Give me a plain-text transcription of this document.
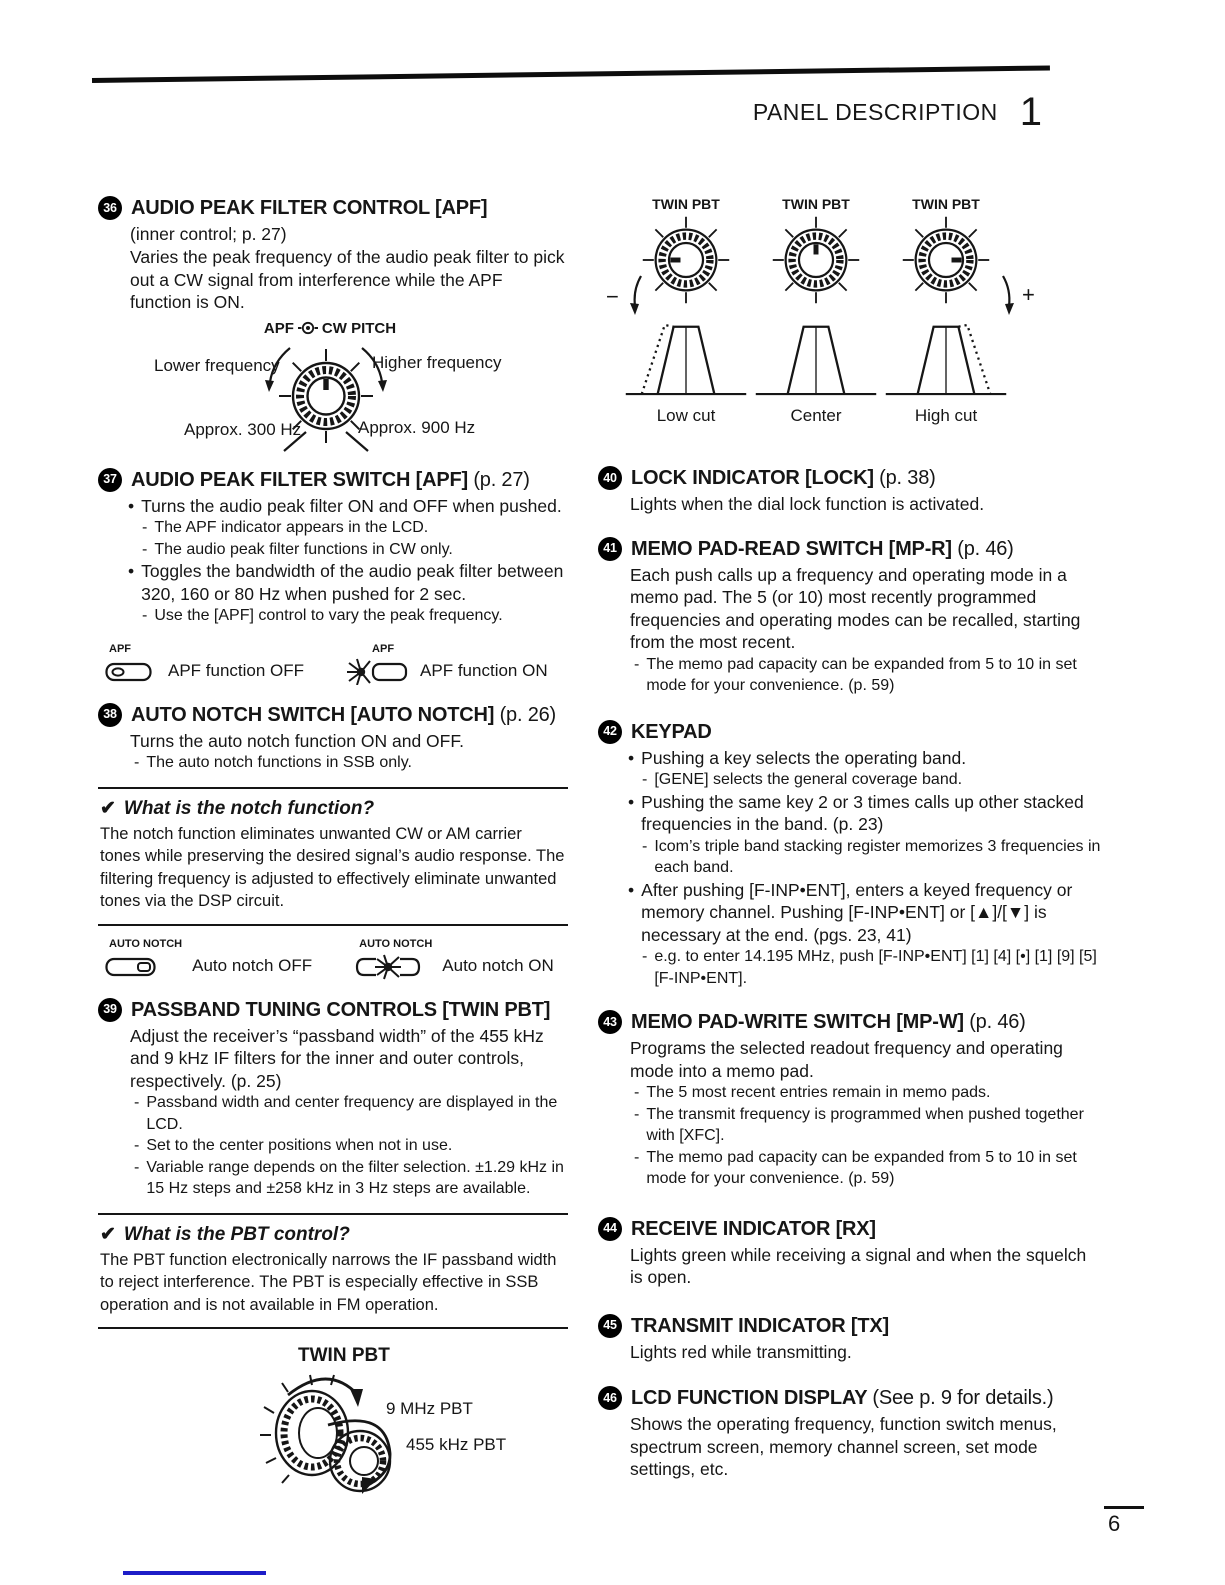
PANEL DESCRIPTION 1
36 AUDIO PEAK FILTER CONTROL [APF]
(inner control; p. 27)
Varies the peak frequency of the audio peak filter to pick out a CW signal from interference while the APF function is ON.
APF CW PITCH
Lower frequency	Higher frequency
Approx. 300 Hz	Approx. 900 Hz
37 AUDIO PEAK FILTER SWITCH [APF] (p. 27)
• Turns the audio peak filter ON and OFF when pushed.
- The APF indicator appears in the LCD.
- The audio peak filter functions in CW only.
• Toggles the bandwidth of the audio peak filter between 320, 160 or 80 Hz when pushed for 2 sec.
- Use the [APF] control to vary the peak frequency.
APF
APF function OFF
APF
APF function ON
38 AUTO NOTCH SWITCH [AUTO NOTCH] (p. 26)
Turns the auto notch function ON and OFF.
- The auto notch functions in SSB only.
✔ What is the notch function?
The notch function eliminates unwanted CW or AM carrier tones while preserving the desired signal’s audio response. The filtering frequency is adjusted to effectively eliminate unwanted tones via the DSP circuit.
AUTO NOTCH
Auto notch OFF
AUTO NOTCH
Auto notch ON
39 PASSBAND TUNING CONTROLS [TWIN PBT]
Adjust the receiver’s “passband width” of the 455 kHz and 9 kHz IF filters for the inner and outer controls, respectively. (p. 25)
- Passband width and center frequency are displayed in the LCD.
- Set to the center positions when not in use.
- Variable range depends on the filter selection. ±1.29 kHz in 15 Hz steps and ±258 kHz in 3 Hz steps are available.
✔ What is the PBT control?
The PBT function electronically narrows the IF passband width to reject interference. The PBT is especially effective in SSB operation and is not available in FM operation.
TWIN PBT
9 MHz PBT
455 kHz PBT
TWIN PBT	TWIN PBT	TWIN PBT
−	+
Low cut	Center	High cut
40 LOCK INDICATOR [LOCK] (p. 38)
Lights when the dial lock function is activated.
41 MEMO PAD-READ SWITCH [MP-R] (p. 46)
Each push calls up a frequency and operating mode in a memo pad. The 5 (or 10) most recently programmed frequencies and operating modes can be recalled, starting from the most recent.
- The memo pad capacity can be expanded from 5 to 10 in set mode for your convenience. (p. 59)
42 KEYPAD
• Pushing a key selects the operating band.
- [GENE] selects the general coverage band.
• Pushing the same key 2 or 3 times calls up other stacked frequencies in the band. (p. 23)
- Icom’s triple band stacking register memorizes 3 frequencies in each band.
• After pushing [F-INP•ENT], enters a keyed frequency or memory channel. Pushing [F-INP•ENT] or [▲]/[▼] is necessary at the end. (pgs. 23, 41)
- e.g. to enter 14.195 MHz, push [F-INP•ENT] [1] [4] [•] [1] [9] [5] [F-INP•ENT].
43 MEMO PAD-WRITE SWITCH [MP-W] (p. 46)
Programs the selected readout frequency and operating mode into a memo pad.
- The 5 most recent entries remain in memo pads.
- The transmit frequency is programmed when pushed together with [XFC].
- The memo pad capacity can be expanded from 5 to 10 in set mode for your convenience. (p. 59)
44 RECEIVE INDICATOR [RX]
Lights green while receiving a signal and when the squelch is open.
45 TRANSMIT INDICATOR [TX]
Lights red while transmitting.
46 LCD FUNCTION DISPLAY (See p. 9 for details.)
Shows the operating frequency, function switch menus, spectrum screen, memory channel screen, set mode settings, etc.
6
